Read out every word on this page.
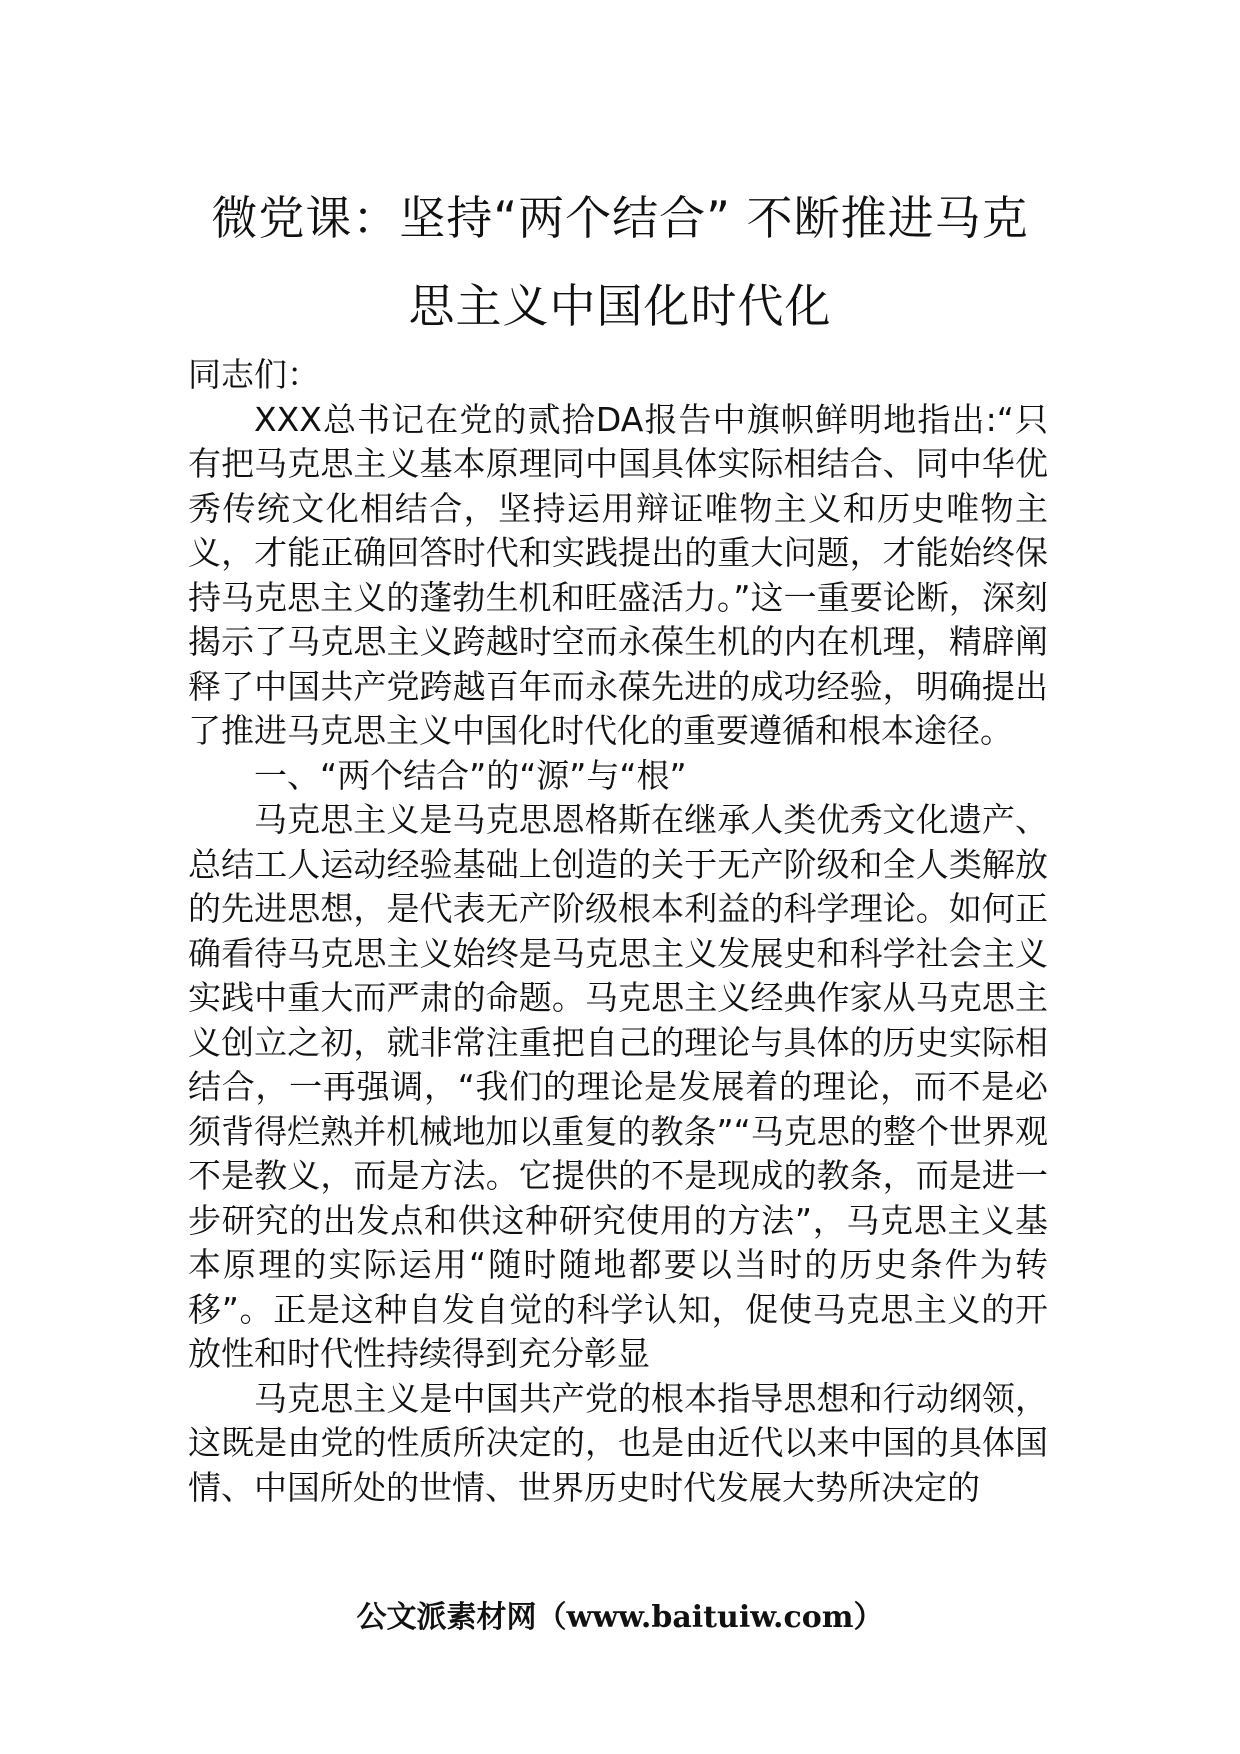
微党课：坚持“两个结合” 不断推进马克
思主义中国化时代化

同志们：

XXX总书记在党的贰拾DA报告中旗帜鲜明地指出:“只有把马克思主义基本原理同中国具体实际相结合、同中华优秀传统文化相结合，坚持运用辩证唯物主义和历史唯物主义，才能正确回答时代和实践提出的重大问题，才能始终保持马克思主义的蓬勃生机和旺盛活力。”这一重要论断，深刻揭示了马克思主义跨越时空而永葆生机的内在机理，精辟阐释了中国共产党跨越百年而永葆先进的成功经验，明确提出了推进马克思主义中国化时代化的重要遵循和根本途径。

一、“两个结合”的“源”与“根”

马克思主义是马克思恩格斯在继承人类优秀文化遗产、总结工人运动经验基础上创造的关于无产阶级和全人类解放的先进思想，是代表无产阶级根本利益的科学理论。如何正确看待马克思主义始终是马克思主义发展史和科学社会主义实践中重大而严肃的命题。马克思主义经典作家从马克思主义创立之初，就非常注重把自己的理论与具体的历史实际相结合，一再强调，“我们的理论是发展着的理论，而不是必须背得烂熟并机械地加以重复的教条”“马克思的整个世界观不是教义，而是方法。它提供的不是现成的教条，而是进一步研究的出发点和供这种研究使用的方法”，马克思主义基本原理的实际运用“随时随地都要以当时的历史条件为转移”。正是这种自发自觉的科学认知，促使马克思主义的开放性和时代性持续得到充分彰显

马克思主义是中国共产党的根本指导思想和行动纲领，这既是由党的性质所决定的，也是由近代以来中国的具体国情、中国所处的世情、世界历史时代发展大势所决定的

公文派素材网（www.baituiw.com）
